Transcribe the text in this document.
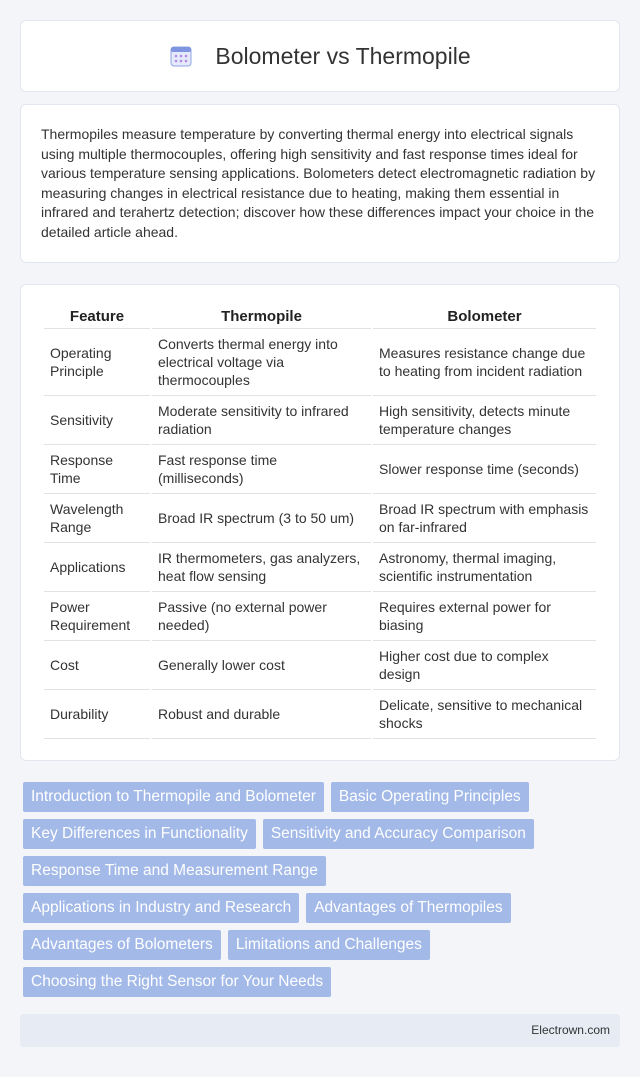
Bolometer vs Thermopile

Thermopiles measure temperature by converting thermal energy into electrical signals using multiple thermocouples, offering high sensitivity and fast response times ideal for various temperature sensing applications. Bolometers detect electromagnetic radiation by measuring changes in electrical resistance due to heating, making them essential in infrared and terahertz detection; discover how these differences impact your choice in the detailed article ahead.

Feature	Thermopile	Bolometer
Operating Principle	Converts thermal energy into electrical voltage via thermocouples	Measures resistance change due to heating from incident radiation
Sensitivity	Moderate sensitivity to infrared radiation	High sensitivity, detects minute temperature changes
Response Time	Fast response time (milliseconds)	Slower response time (seconds)
Wavelength Range	Broad IR spectrum (3 to 50 um)	Broad IR spectrum with emphasis on far-infrared
Applications	IR thermometers, gas analyzers, heat flow sensing	Astronomy, thermal imaging, scientific instrumentation
Power Requirement	Passive (no external power needed)	Requires external power for biasing
Cost	Generally lower cost	Higher cost due to complex design
Durability	Robust and durable	Delicate, sensitive to mechanical shocks
Introduction to Thermopile and Bolometer	Basic Operating Principles
Key Differences in Functionality	Sensitivity and Accuracy Comparison
Response Time and Measurement Range
Applications in Industry and Research	Advantages of Thermopiles
Advantages of Bolometers	Limitations and Challenges
Choosing the Right Sensor for Your Needs
Electrown.com
